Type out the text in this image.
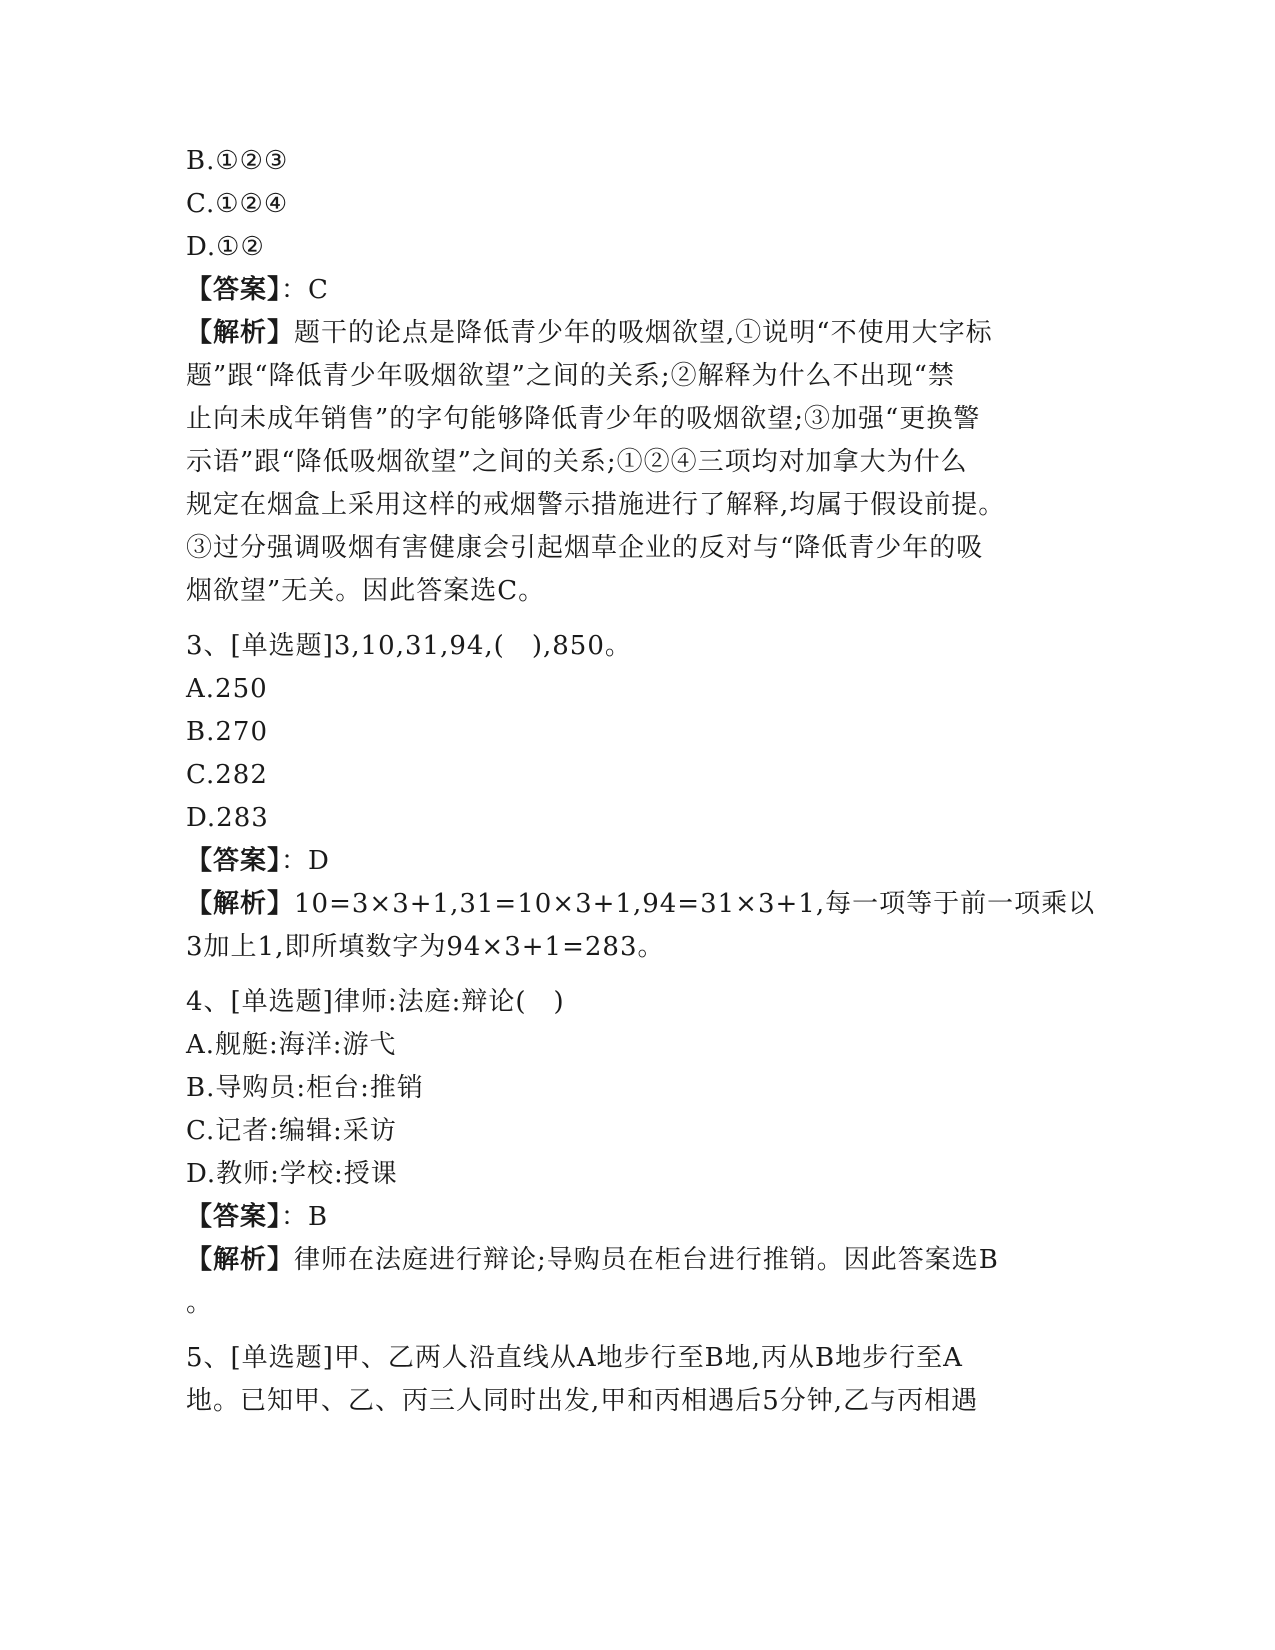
B.①②③
C.①②④
D.①②
【答案】：C
【解析】题干的论点是降低青少年的吸烟欲望,①说明“不使用大字标
题”跟“降低青少年吸烟欲望”之间的关系;②解释为什么不出现“禁
止向未成年销售”的字句能够降低青少年的吸烟欲望;③加强“更换警
示语”跟“降低吸烟欲望”之间的关系;①②④三项均对加拿大为什么
规定在烟盒上采用这样的戒烟警示措施进行了解释,均属于假设前提。
③过分强调吸烟有害健康会引起烟草企业的反对与“降低青少年的吸
烟欲望”无关。因此答案选C。
3、[单选题]3,10,31,94,(　),850。
A.250
B.270
C.282
D.283
【答案】：D
【解析】10=3×3+1,31=10×3+1,94=31×3+1,每一项等于前一项乘以
3加上1,即所填数字为94×3+1=283。
4、[单选题]律师:法庭:辩论(　)
A.舰艇:海洋:游弋
B.导购员:柜台:推销
C.记者:编辑:采访
D.教师:学校:授课
【答案】：B
【解析】律师在法庭进行辩论;导购员在柜台进行推销。因此答案选B
。
5、[单选题]甲、乙两人沿直线从A地步行至B地,丙从B地步行至A
地。已知甲、乙、丙三人同时出发,甲和丙相遇后5分钟,乙与丙相遇
